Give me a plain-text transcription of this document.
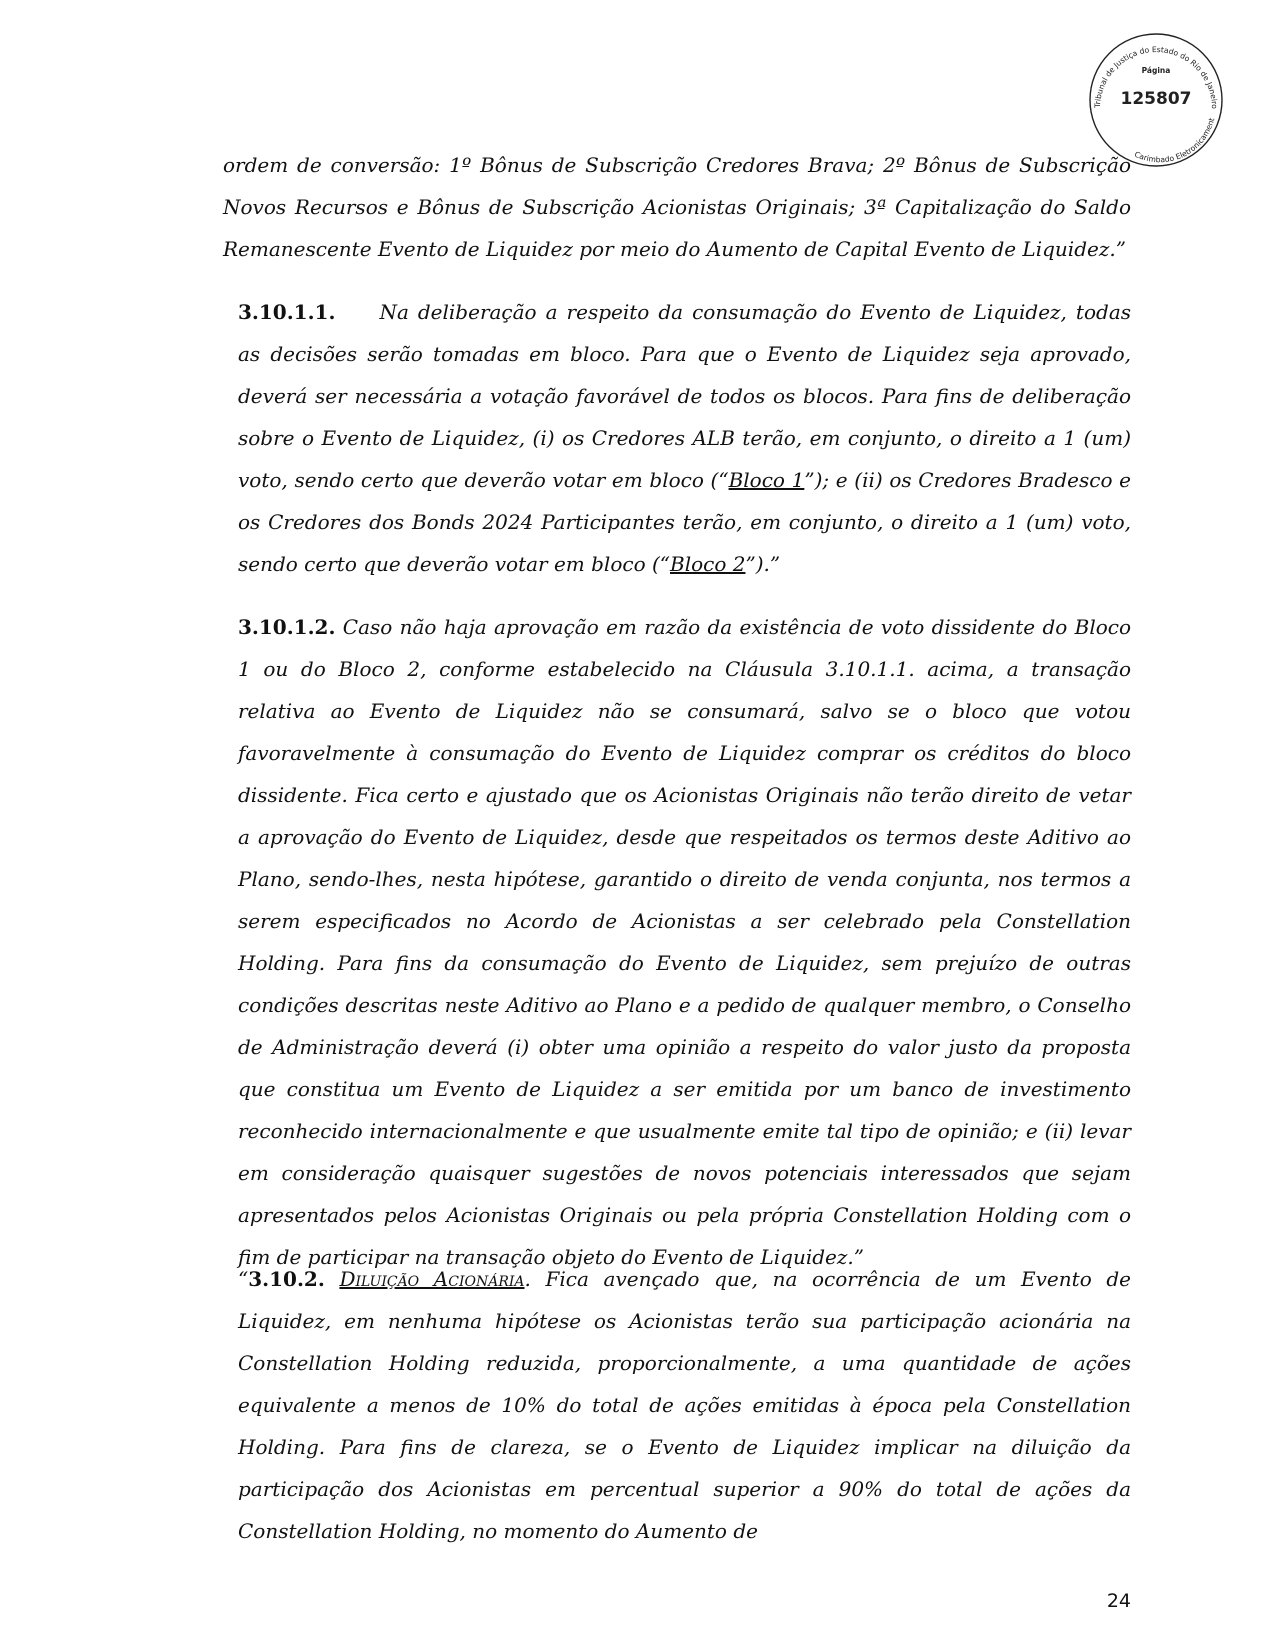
Tribunal de Justiça do Estado do Rio de Janeiro
Carimbado Eletronicament
Página
125807

ordem de conversão: 1º Bônus de Subscrição Credores Brava; 2º Bônus de Subscrição Novos Recursos e Bônus de Subscrição Acionistas Originais; 3ª Capitalização do Saldo Remanescente Evento de Liquidez por meio do Aumento de Capital Evento de Liquidez.”

3.10.1.1. Na deliberação a respeito da consumação do Evento de Liquidez, todas as decisões serão tomadas em bloco. Para que o Evento de Liquidez seja aprovado, deverá ser necessária a votação favorável de todos os blocos. Para fins de deliberação sobre o Evento de Liquidez, (i) os Credores ALB terão, em conjunto, o direito a 1 (um) voto, sendo certo que deverão votar em bloco (“Bloco 1”); e (ii) os Credores Bradesco e os Credores dos Bonds 2024 Participantes terão, em conjunto, o direito a 1 (um) voto, sendo certo que deverão votar em bloco (“Bloco 2”).”

3.10.1.2. Caso não haja aprovação em razão da existência de voto dissidente do Bloco 1 ou do Bloco 2, conforme estabelecido na Cláusula 3.10.1.1. acima, a transação relativa ao Evento de Liquidez não se consumará, salvo se o bloco que votou favoravelmente à consumação do Evento de Liquidez comprar os créditos do bloco dissidente. Fica certo e ajustado que os Acionistas Originais não terão direito de vetar a aprovação do Evento de Liquidez, desde que respeitados os termos deste Aditivo ao Plano, sendo-lhes, nesta hipótese, garantido o direito de venda conjunta, nos termos a serem especificados no Acordo de Acionistas a ser celebrado pela Constellation Holding. Para fins da consumação do Evento de Liquidez, sem prejuízo de outras condições descritas neste Aditivo ao Plano e a pedido de qualquer membro, o Conselho de Administração deverá (i) obter uma opinião a respeito do valor justo da proposta que constitua um Evento de Liquidez a ser emitida por um banco de investimento reconhecido internacionalmente e que usualmente emite tal tipo de opinião; e (ii) levar em consideração quaisquer sugestões de novos potenciais interessados que sejam apresentados pelos Acionistas Originais ou pela própria Constellation Holding com o fim de participar na transação objeto do Evento de Liquidez.”

“3.10.2. Diluição Acionária. Fica avençado que, na ocorrência de um Evento de Liquidez, em nenhuma hipótese os Acionistas terão sua participação acionária na Constellation Holding reduzida, proporcionalmente, a uma quantidade de ações equivalente a menos de 10% do total de ações emitidas à época pela Constellation Holding. Para fins de clareza, se o Evento de Liquidez implicar na diluição da participação dos Acionistas em percentual superior a 90% do total de ações da Constellation Holding, no momento do Aumento de

24
